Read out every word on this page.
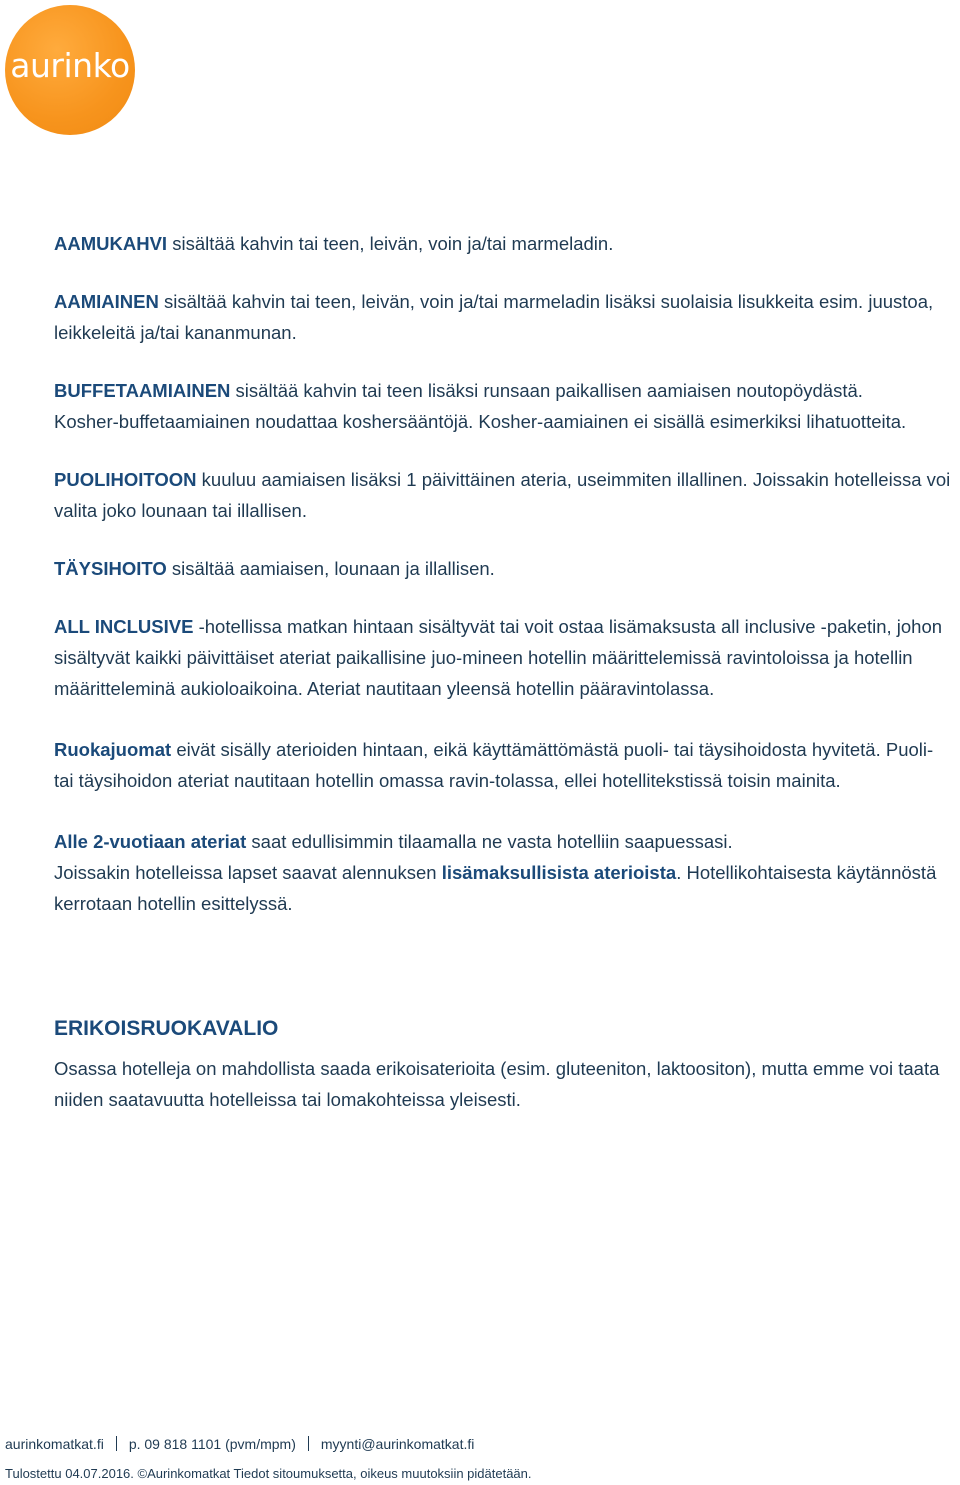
aurinko

AAMUKAHVI sisältää kahvin tai teen, leivän, voin ja/tai marmeladin.

AAMIAINEN sisältää kahvin tai teen, leivän, voin ja/tai marmeladin lisäksi suolaisia lisukkeita esim. juustoa, leikkeleitä ja/tai kananmunan.

BUFFETAAMIAINEN sisältää kahvin tai teen lisäksi runsaan paikallisen aamiaisen noutopöydästä.

Kosher-buffetaamiainen noudattaa koshersääntöjä. Kosher-aamiainen ei sisällä esimerkiksi lihatuotteita.

PUOLIHOITOON kuuluu aamiaisen lisäksi 1 päivittäinen ateria, useimmiten illallinen. Joissakin hotelleissa voi valita joko lounaan tai illallisen.

TÄYSIHOITO sisältää aamiaisen, lounaan ja illallisen.

ALL INCLUSIVE -hotellissa matkan hintaan sisältyvät tai voit ostaa lisämaksusta all inclusive -paketin, johon sisältyvät kaikki päivittäiset ateriat paikallisine juo-mineen hotellin määrittelemissä ravintoloissa ja hotellin määritteleminä aukioloaikoina. Ateriat nautitaan yleensä hotellin pääravintolassa.

Ruokajuomat eivät sisälly aterioiden hintaan, eikä käyttämättömästä puoli- tai täysihoidosta hyvitetä. Puoli- tai täysihoidon ateriat nautitaan hotellin omassa ravin-tolassa, ellei hotellitekstissä toisin mainita.

Alle 2-vuotiaan ateriat saat edullisimmin tilaamalla ne vasta hotelliin saapuessasi.

Joissakin hotelleissa lapset saavat alennuksen lisämaksullisista aterioista. Hotellikohtaisesta käytännöstä kerrotaan hotellin esittelyssä.

ERIKOISRUOKAVALIO

Osassa hotelleja on mahdollista saada erikoisaterioita (esim. gluteeniton, laktoositon), mutta emme voi taata niiden saatavuutta hotelleissa tai lomakohteissa yleisesti.

aurinkomatkat.fi p. 09 818 1101 (pvm/mpm) myynti@aurinkomatkat.fi
Tulostettu 04.07.2016. ©Aurinkomatkat Tiedot sitoumuksetta, oikeus muutoksiin pidätetään.
